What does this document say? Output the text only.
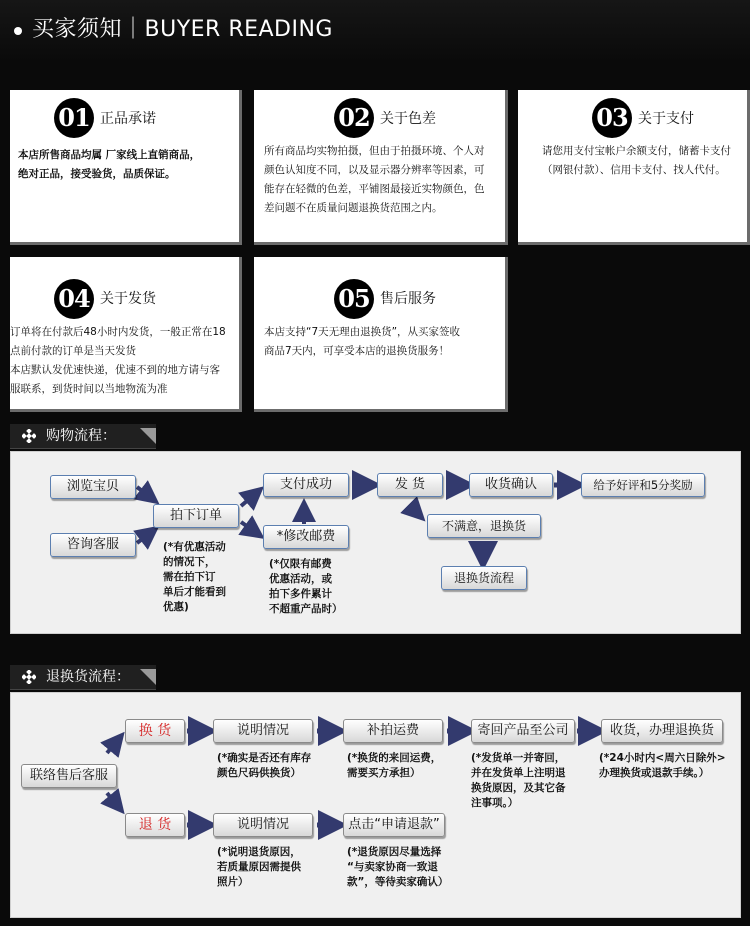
买家须知｜BUYER READING
01 正品承诺
本店所售商品均属 厂家线上直销商品，
绝对正品，接受验货，品质保证。
02 关于色差
所有商品均实物拍摄，但由于拍摄环境、个人对
颜色认知度不同，以及显示器分辨率等因素，可
能存在轻微的色差，平铺图最接近实物颜色，色
差问题不在质量问题退换货范围之内。
03 关于支付
请您用支付宝帐户余额支付，储蓄卡支付
（网银付款）、信用卡支付、找人代付。
04 关于发货
订单将在付款后48小时内发货，一般正常在18
点前付款的订单是当天发货
本店默认发优速快递，优速不到的地方请与客
服联系，到货时间以当地物流为准
05 售后服务
本店支持“7天无理由退换货”，从买家签收
商品7天内，可享受本店的退换货服务！
购物流程：
浏览宝贝
咨询客服
拍下订单
支付成功
*修改邮费
发 货	收货确认	给予好评和5分奖励
不满意，退换货
退换货流程
(*有优惠活动
的情况下，
需在拍下订
单后才能看到
优惠)
(*仅限有邮费
优惠活动，或
拍下多件累计
不超重产品时）
退换货流程：
联络售后客服
换 货
退 货
说明情况	补拍运费	寄回产品至公司	收货，办理退换货
说明情况	点击“申请退款”
(*确实是否还有库存
颜色尺码供换货）
(*换货的来回运费，
需要买方承担）
(*发货单一并寄回，
并在发货单上注明退
换货原因，及其它备
注事项。）
(*24小时内<周六日除外>
办理换货或退款手续。）
(*说明退货原因，
若质量原因需提供
照片）
(*退货原因尽量选择
“与卖家协商一致退
款”，等待卖家确认）
